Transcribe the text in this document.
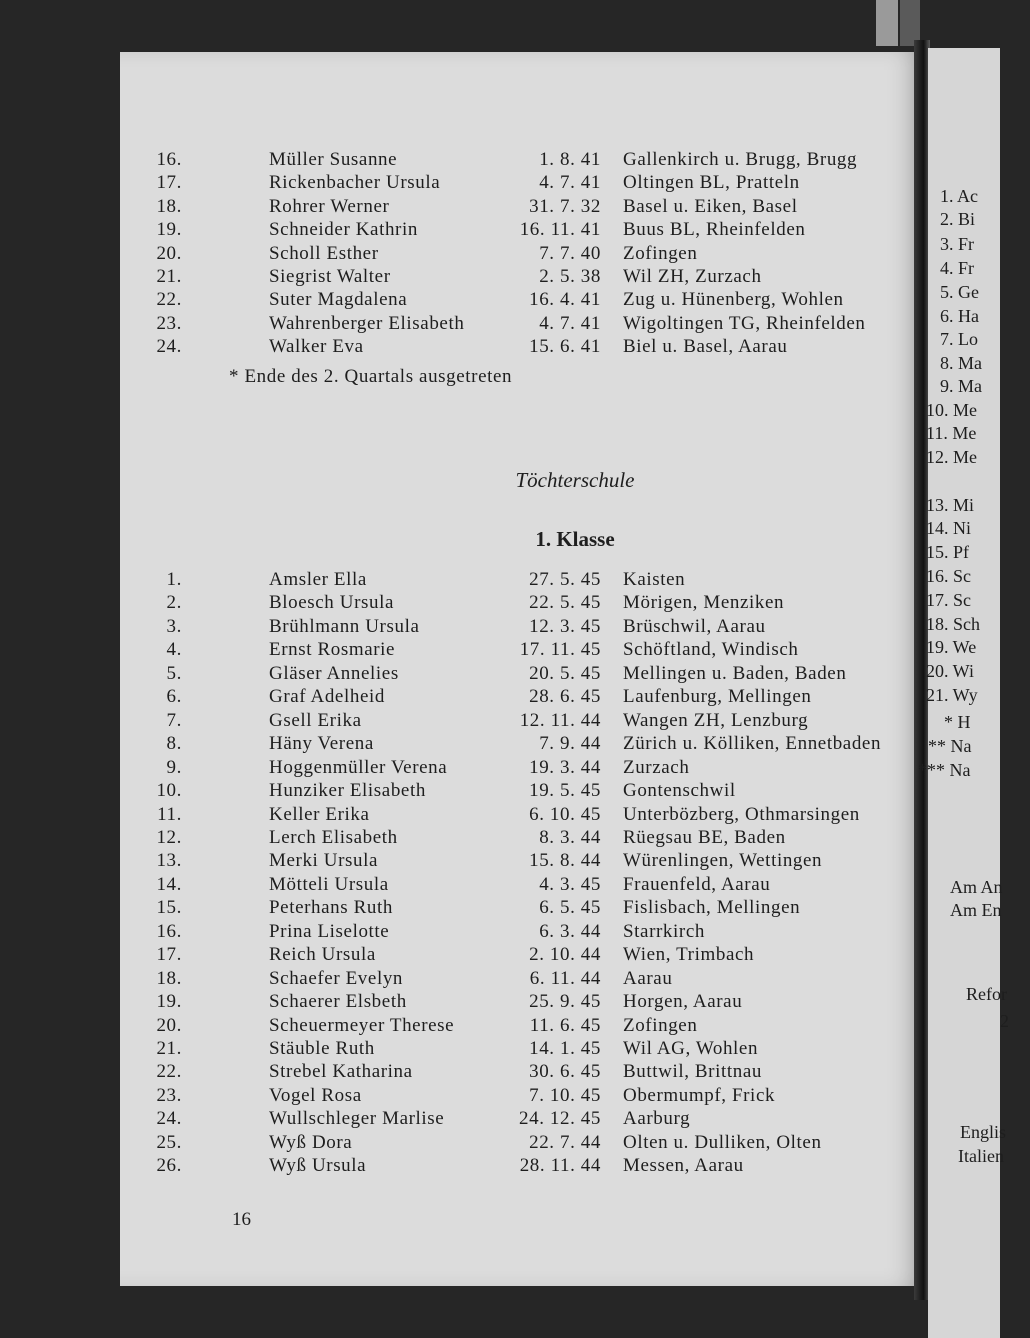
16.	Müller Susanne	1. 8. 41 Gallenkirch u. Brugg, Brugg
17.	Rickenbacher Ursula	4. 7. 41 Oltingen BL, Pratteln
18.	Rohrer Werner	31. 7. 32 Basel u. Eiken, Basel
19.	Schneider Kathrin	16. 11. 41 Buus BL, Rheinfelden
20.	Scholl Esther	7. 7. 40 Zofingen
21.	Siegrist Walter	2. 5. 38 Wil ZH, Zurzach
22.	Suter Magdalena	16. 4. 41 Zug u. Hünenberg, Wohlen
23.	Wahrenberger Elisabeth	4. 7. 41 Wigoltingen TG, Rheinfelden
24.	Walker Eva	15. 6. 41 Biel u. Basel, Aarau
* Ende des 2. Quartals ausgetreten
Töchterschule
1. Klasse
1.	Amsler Ella	27. 5. 45 Kaisten
2.	Bloesch Ursula	22. 5. 45 Mörigen, Menziken
3.	Brühlmann Ursula	12. 3. 45 Brüschwil, Aarau
4.	Ernst Rosmarie	17. 11. 45 Schöftland, Windisch
5.	Gläser Annelies	20. 5. 45 Mellingen u. Baden, Baden
6.	Graf Adelheid	28. 6. 45 Laufenburg, Mellingen
7.	Gsell Erika	12. 11. 44 Wangen ZH, Lenzburg
8.	Häny Verena	7. 9. 44 Zürich u. Kölliken, Ennetbaden
9.	Hoggenmüller Verena	19. 3. 44 Zurzach
10.	Hunziker Elisabeth	19. 5. 45 Gontenschwil
11.	Keller Erika	6. 10. 45 Unterbözberg, Othmarsingen
12.	Lerch Elisabeth	8. 3. 44 Rüegsau BE, Baden
13.	Merki Ursula	15. 8. 44 Würenlingen, Wettingen
14.	Mötteli Ursula	4. 3. 45 Frauenfeld, Aarau
15.	Peterhans Ruth	6. 5. 45 Fislisbach, Mellingen
16.	Prina Liselotte	6. 3. 44 Starrkirch
17.	Reich Ursula	2. 10. 44 Wien, Trimbach
18.	Schaefer Evelyn	6. 11. 44 Aarau
19.	Schaerer Elsbeth	25. 9. 45 Horgen, Aarau
20.	Scheuermeyer Therese	11. 6. 45 Zofingen
21.	Stäuble Ruth	14. 1. 45 Wil AG, Wohlen
22.	Strebel Katharina	30. 6. 45 Buttwil, Brittnau
23.	Vogel Rosa	7. 10. 45 Obermumpf, Frick
24.	Wullschleger Marlise	24. 12. 45 Aarburg
25.	Wyß Dora	22. 7. 44 Olten u. Dulliken, Olten
26.	Wyß Ursula	28. 11. 44 Messen, Aarau
16
1. Ac
2. Bi
3. Fr
4. Fr
5. Ge
6. Ha
7. Lo
8. Ma
9. Ma
10. Me
11. Me
12. Me
13. Mi
14. Ni
15. Pf
16. Sc
17. Sc
18. Sch
19. We
20. Wi
21. Wy
* H
** Na
*** Na
Am An
Am En
Refor
2
Englis
Italien
